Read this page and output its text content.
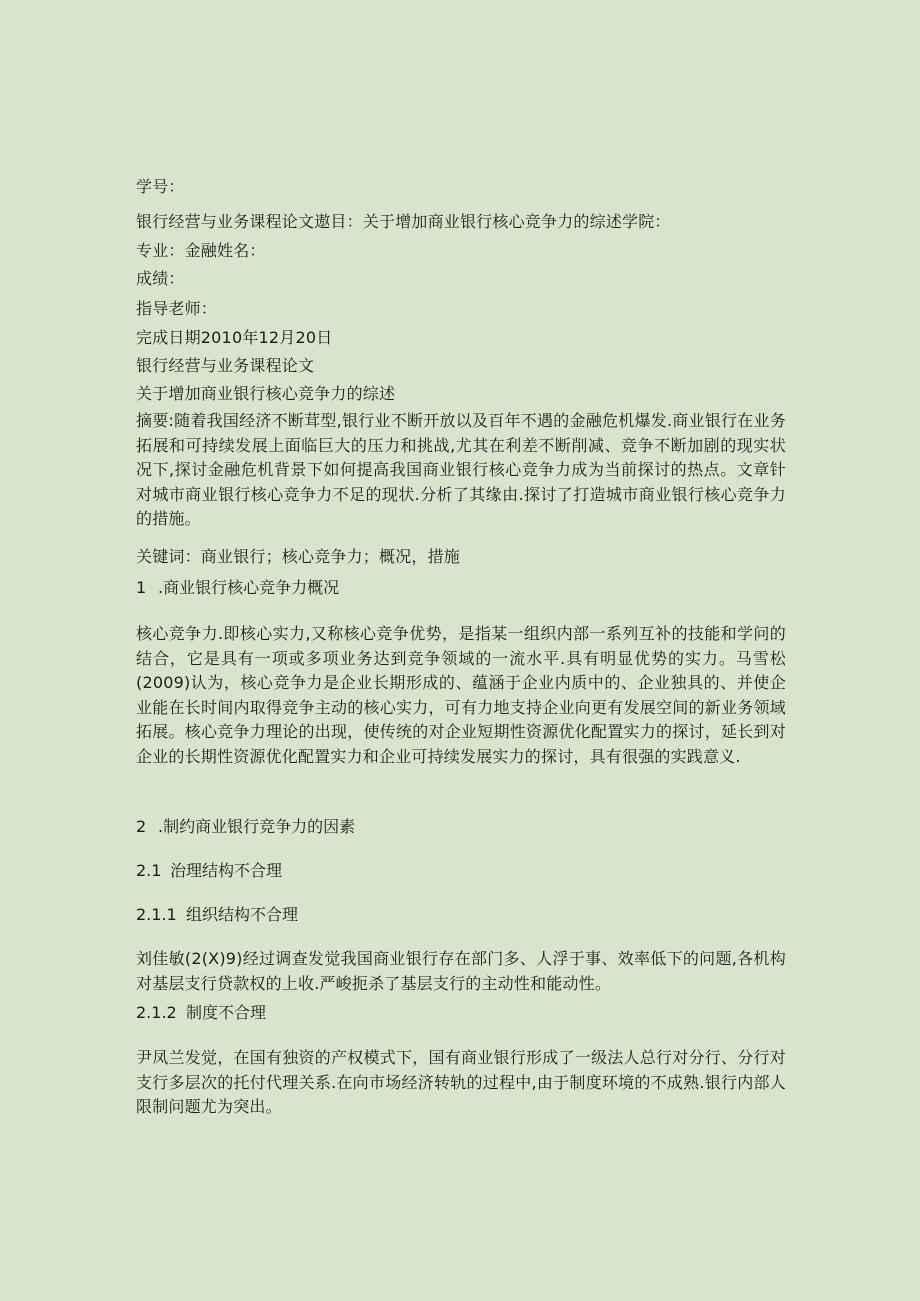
学号：
银行经营与业务课程论文遨目：关于增加商业银行核心竞争力的综述学院：
专业：金融姓名：
成绩：
指导老师：
完成日期2010年12月20日
银行经营与业务课程论文
关于增加商业银行核心竞争力的综述
摘要:随着我国经济不断茸型,银行业不断开放以及百年不遇的金融危机爆发.商业银行在业务拓展和可持续发展上面临巨大的压力和挑战,尤其在利差不断削减、竞争不断加剧的现实状况下,探讨金融危机背景下如何提高我国商业银行核心竞争力成为当前探讨的热点。文章针对城市商业银行核心竞争力不足的现状.分析了其缘由.探讨了打造城市商业银行核心竞争力的措施。
关键词：商业银行；核心竞争力；概况，措施
1 .商业银行核心竞争力概况
核心竞争力.即核心实力,又称核心竞争优势，是指某一组织内部一系列互补的技能和学问的结合，它是具有一项或多项业务达到竞争领域的一流水平.具有明显优势的实力。马雪松(2009)认为，核心竞争力是企业长期形成的、蕴涵于企业内质中的、企业独具的、并使企业能在长时间内取得竞争主动的核心实力，可有力地支持企业向更有发展空间的新业务领域拓展。核心竞争力理论的出现，使传统的对企业短期性资源优化配置实力的探讨，延长到对企业的长期性资源优化配置实力和企业可持续发展实力的探讨，具有很强的实践意义.
2 .制约商业银行竞争力的因素
2.1 治理结构不合理
2.1.1 组织结构不合理
刘佳敏(2(X)9)经过调查发觉我国商业银行存在部门多、人浮于事、效率低下的问题,各机构对基层支行贷款权的上收.严峻扼杀了基层支行的主动性和能动性。
2.1.2 制度不合理
尹凤兰发觉，在国有独资的产权模式下，国有商业银行形成了一级法人总行对分行、分行对支行多层次的托付代理关系.在向市场经济转轨的过程中,由于制度环境的不成熟.银行内部人限制问题尤为突出。
